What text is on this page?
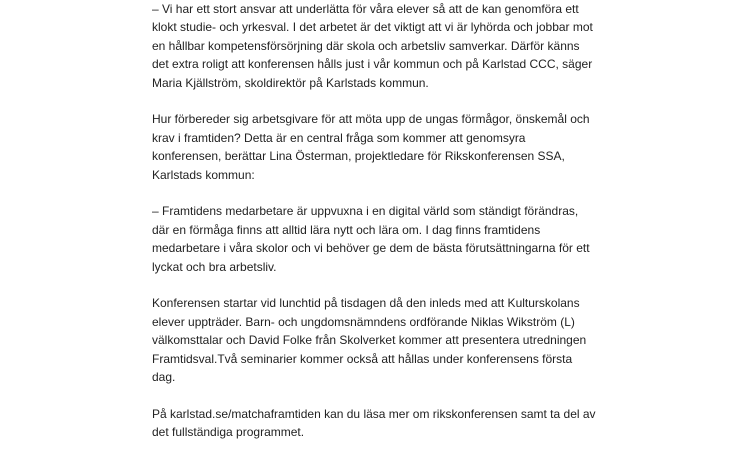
– Vi har ett stort ansvar att underlätta för våra elever så att de kan genomföra ett
klokt studie- och yrkesval. I det arbetet är det viktigt att vi är lyhörda och jobbar mot
en hållbar kompetensförsörjning där skola och arbetsliv samverkar. Därför känns
det extra roligt att konferensen hålls just i vår kommun och på Karlstad CCC, säger
Maria Kjällström, skoldirektör på Karlstads kommun.

Hur förbereder sig arbetsgivare för att möta upp de ungas förmågor, önskemål och
krav i framtiden? Detta är en central fråga som kommer att genomsyra
konferensen, berättar Lina Österman, projektledare för Rikskonferensen SSA,
Karlstads kommun:

– Framtidens medarbetare är uppvuxna i en digital värld som ständigt förändras,
där en förmåga finns att alltid lära nytt och lära om. I dag finns framtidens
medarbetare i våra skolor och vi behöver ge dem de bästa förutsättningarna för ett
lyckat och bra arbetsliv.

Konferensen startar vid lunchtid på tisdagen då den inleds med att Kulturskolans
elever uppträder. Barn- och ungdomsnämndens ordförande Niklas Wikström (L)
välkomsttalar och David Folke från Skolverket kommer att presentera utredningen
Framtidsval.Två seminarier kommer också att hållas under konferensens första
dag.

På karlstad.se/matchaframtiden kan du läsa mer om rikskonferensen samt ta del av
det fullständiga programmet.
